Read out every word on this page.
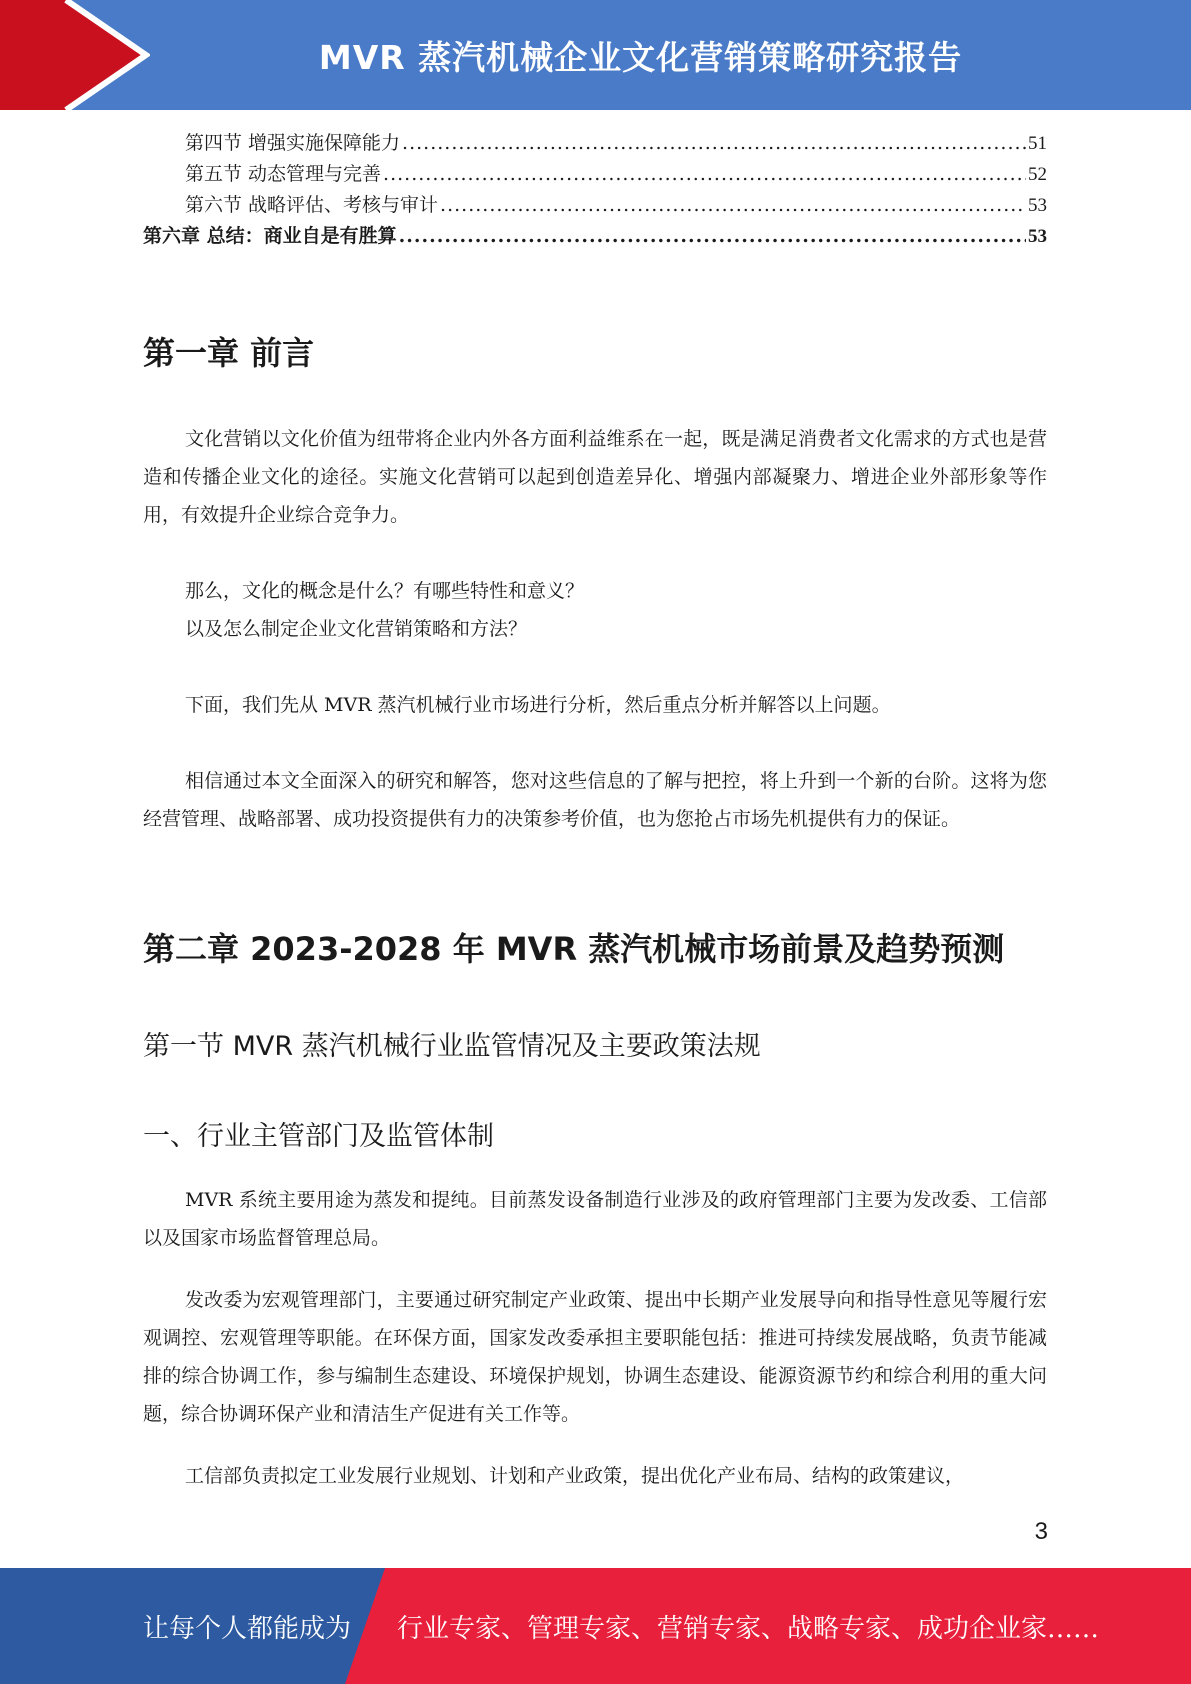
MVR 蒸汽机械企业文化营销策略研究报告
第四节 增强实施保障能力 .....	51
第五节 动态管理与完善 .....	52
第六节 战略评估、考核与审计 .....	53
第六章 总结：商业自是有胜算 .....	53
第一章 前言

文化营销以文化价值为纽带将企业内外各方面利益维系在一起，既是满足消费者文化需求的方式也是营造和传播企业文化的途径。实施文化营销可以起到创造差异化、增强内部凝聚力、增进企业外部形象等作用，有效提升企业综合竞争力。

那么，文化的概念是什么？有哪些特性和意义？

以及怎么制定企业文化营销策略和方法？

下面，我们先从 MVR 蒸汽机械行业市场进行分析，然后重点分析并解答以上问题。

相信通过本文全面深入的研究和解答，您对这些信息的了解与把控，将上升到一个新的台阶。这将为您经营管理、战略部署、成功投资提供有力的决策参考价值，也为您抢占市场先机提供有力的保证。

第二章 2023-2028 年 MVR 蒸汽机械市场前景及趋势预测
第一节 MVR 蒸汽机械行业监管情况及主要政策法规
一、行业主管部门及监管体制

MVR 系统主要用途为蒸发和提纯。目前蒸发设备制造行业涉及的政府管理部门主要为发改委、工信部以及国家市场监督管理总局。

发改委为宏观管理部门，主要通过研究制定产业政策、提出中长期产业发展导向和指导性意见等履行宏观调控、宏观管理等职能。在环保方面，国家发改委承担主要职能包括：推进可持续发展战略，负责节能减排的综合协调工作，参与编制生态建设、环境保护规划，协调生态建设、能源资源节约和综合利用的重大问题，综合协调环保产业和清洁生产促进有关工作等。

工信部负责拟定工业发展行业规划、计划和产业政策，提出优化产业布局、结构的政策建议，

3
让每个人都能成为 行业专家、管理专家、营销专家、战略专家、成功企业家……
